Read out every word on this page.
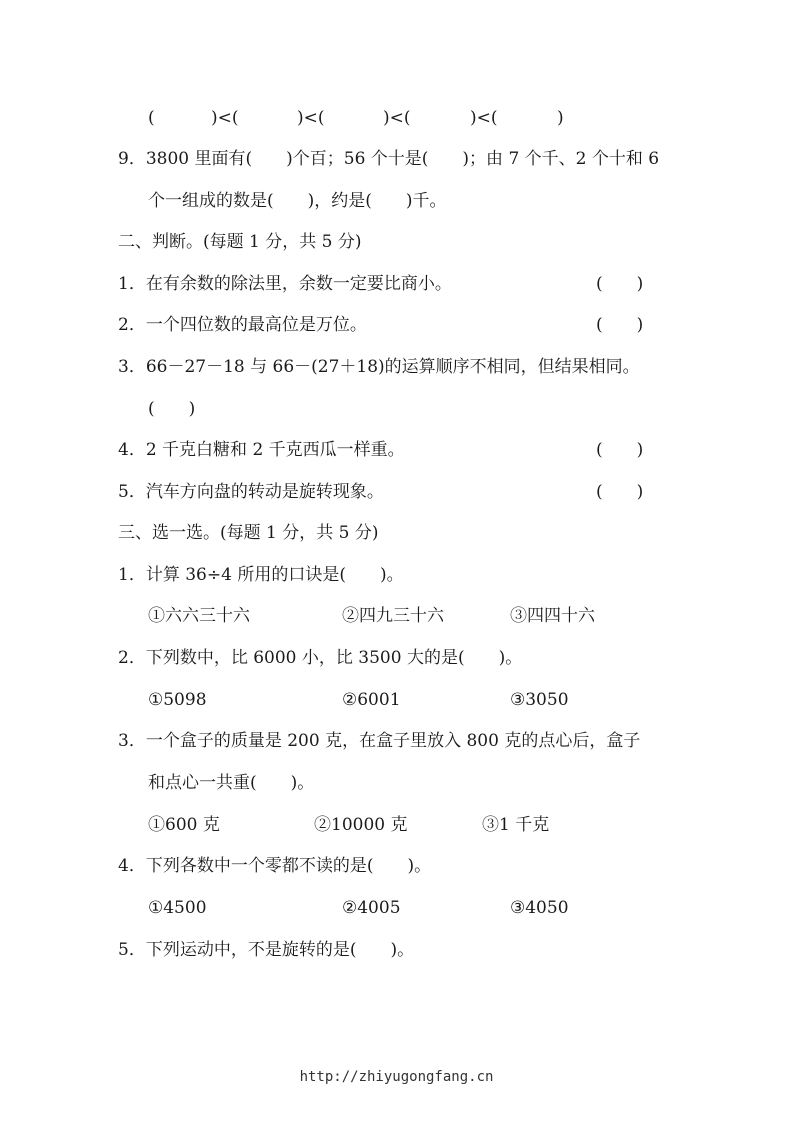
(	)<(	)<(	)<(	)<(	)
9．3800 里面有(　　)个百；56 个十是(　　)；由 7 个千、2 个十和 6
个一组成的数是(　　)，约是(　　)千。
二、判断。(每题 1 分，共 5 分)
1．在有余数的除法里，余数一定要比商小。	(　　)
2．一个四位数的最高位是万位。	(　　)
3．66－27－18 与 66－(27＋18)的运算顺序不相同，但结果相同。
(　　)
4．2 千克白糖和 2 千克西瓜一样重。	(　　)
5．汽车方向盘的转动是旋转现象。	(　　)
三、选一选。(每题 1 分，共 5 分)
1．计算 36÷4 所用的口诀是(　　)。
①六六三十六	②四九三十六	③四四十六
2．下列数中，比 6000 小，比 3500 大的是(　　)。
①5098	②6001	③3050
3．一个盒子的质量是 200 克，在盒子里放入 800 克的点心后，盒子
和点心一共重(　　)。
①600 克	②10000 克	③1 千克
4．下列各数中一个零都不读的是(　　)。
①4500	②4005	③4050
5．下列运动中，不是旋转的是(　　)。
http://zhiyugongfang.cn
